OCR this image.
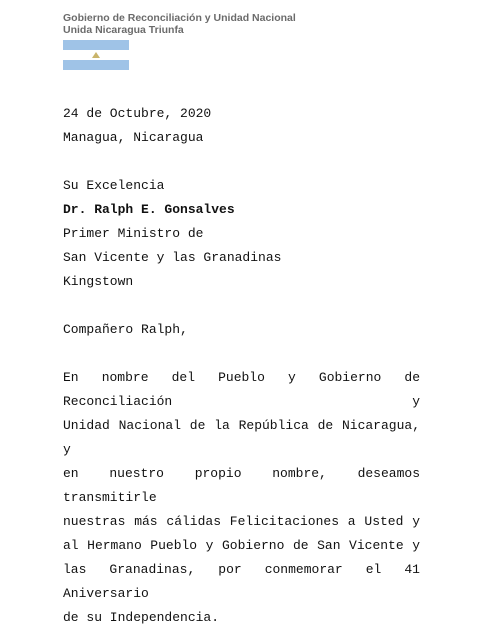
Gobierno de Reconciliación y Unidad Nacional
Unida Nicaragua Triunfa
24 de Octubre, 2020
Managua, Nicaragua
Su Excelencia
Dr. Ralph E. Gonsalves
Primer Ministro de
San Vicente y las Granadinas
Kingstown
Compañero Ralph,
En nombre del Pueblo y Gobierno de Reconciliación y
Unidad Nacional de la República de Nicaragua, y
en nuestro propio nombre, deseamos transmitirle
nuestras más cálidas Felicitaciones a Usted y
al Hermano Pueblo y Gobierno de San Vicente y
las Granadinas, por conmemorar el 41 Aniversario
de su Independencia.
